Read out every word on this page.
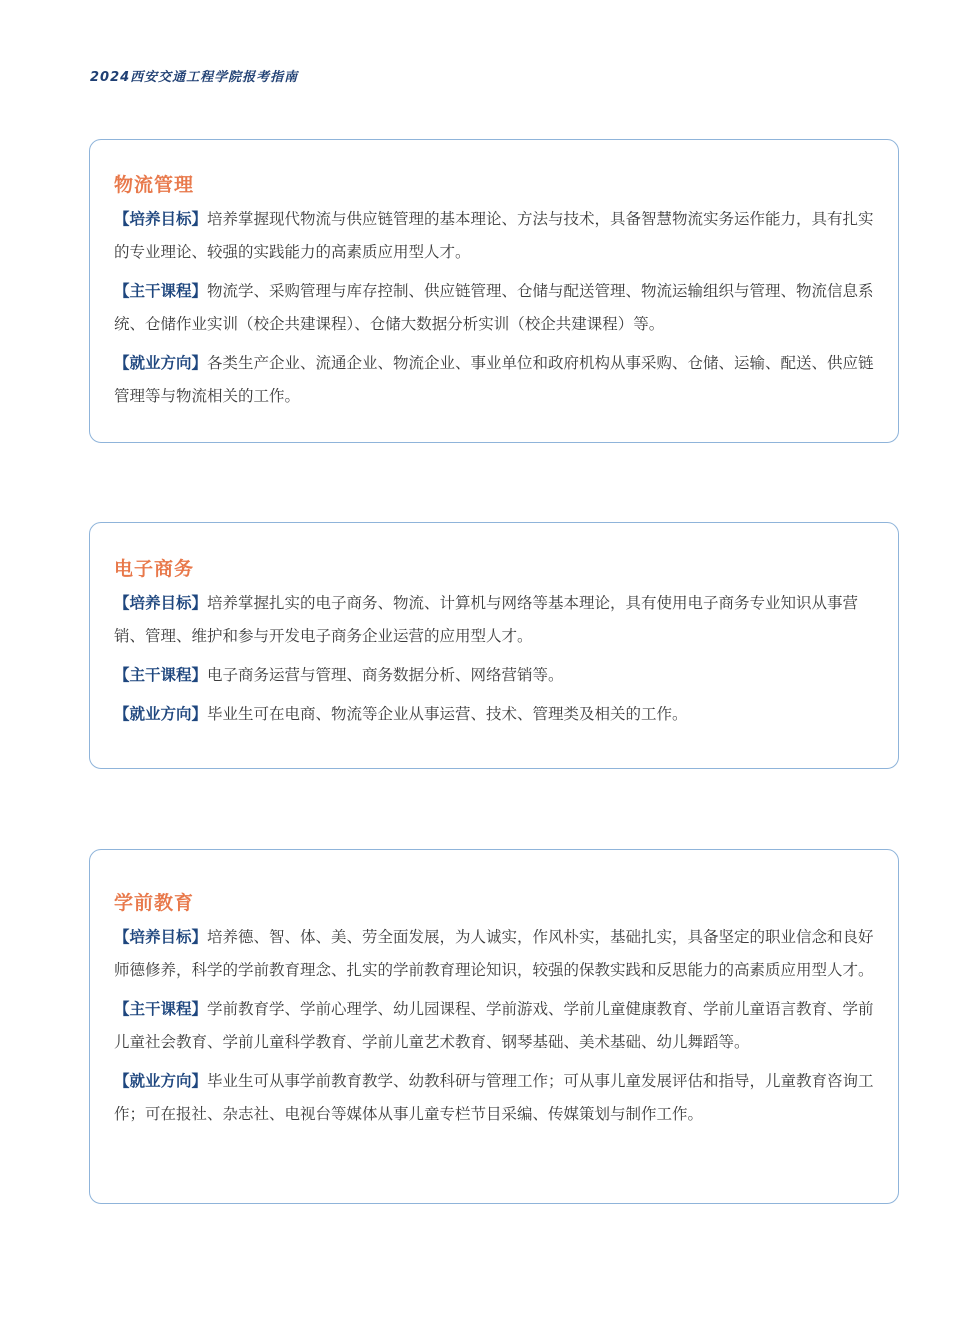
2024西安交通工程学院报考指南
物流管理
【培养目标】培养掌握现代物流与供应链管理的基本理论、方法与技术，具备智慧物流实务运作能力，具有扎实的专业理论、较强的实践能力的高素质应用型人才。
【主干课程】物流学、采购管理与库存控制、供应链管理、仓储与配送管理、物流运输组织与管理、物流信息系统、仓储作业实训（校企共建课程）、仓储大数据分析实训（校企共建课程）等。
【就业方向】各类生产企业、流通企业、物流企业、事业单位和政府机构从事采购、仓储、运输、配送、供应链管理等与物流相关的工作。
电子商务
【培养目标】培养掌握扎实的电子商务、物流、计算机与网络等基本理论，具有使用电子商务专业知识从事营销、管理、维护和参与开发电子商务企业运营的应用型人才。
【主干课程】电子商务运营与管理、商务数据分析、网络营销等。
【就业方向】毕业生可在电商、物流等企业从事运营、技术、管理类及相关的工作。
学前教育
【培养目标】培养德、智、体、美、劳全面发展，为人诚实，作风朴实，基础扎实，具备坚定的职业信念和良好师德修养，科学的学前教育理念、扎实的学前教育理论知识，较强的保教实践和反思能力的高素质应用型人才。
【主干课程】学前教育学、学前心理学、幼儿园课程、学前游戏、学前儿童健康教育、学前儿童语言教育、学前儿童社会教育、学前儿童科学教育、学前儿童艺术教育、钢琴基础、美术基础、幼儿舞蹈等。
【就业方向】毕业生可从事学前教育教学、幼教科研与管理工作；可从事儿童发展评估和指导，儿童教育咨询工作；可在报社、杂志社、电视台等媒体从事儿童专栏节目采编、传媒策划与制作工作。
